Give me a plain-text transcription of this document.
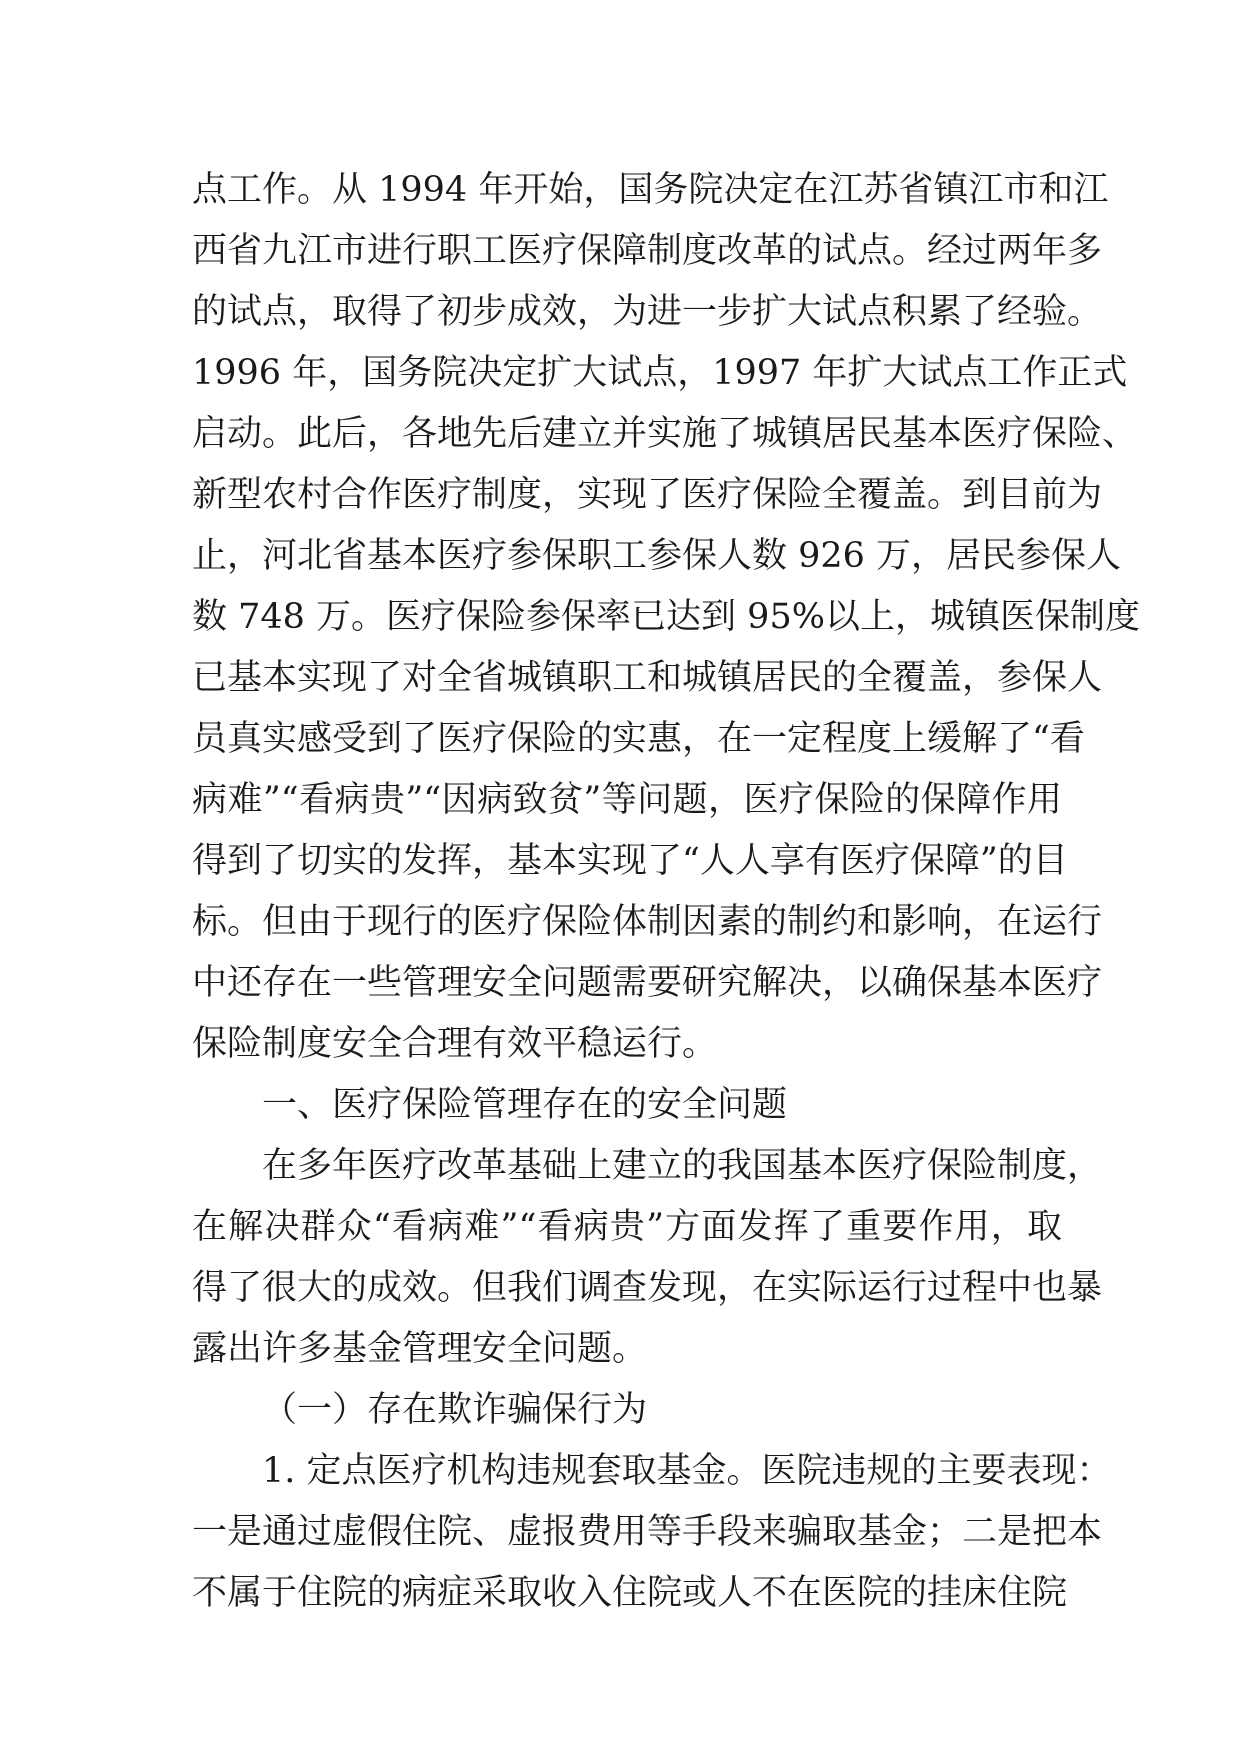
点工作。从 1994 年开始，国务院决定在江苏省镇江市和江
西省九江市进行职工医疗保障制度改革的试点。经过两年多
的试点，取得了初步成效，为进一步扩大试点积累了经验。
1996 年，国务院决定扩大试点，1997 年扩大试点工作正式
启动。此后，各地先后建立并实施了城镇居民基本医疗保险、
新型农村合作医疗制度，实现了医疗保险全覆盖。到目前为
止，河北省基本医疗参保职工参保人数 926 万，居民参保人
数 748 万。医疗保险参保率已达到 95%以上，城镇医保制度
已基本实现了对全省城镇职工和城镇居民的全覆盖，参保人
员真实感受到了医疗保险的实惠，在一定程度上缓解了“看
病难”“看病贵”“因病致贫”等问题，医疗保险的保障作用
得到了切实的发挥，基本实现了“人人享有医疗保障”的目
标。但由于现行的医疗保险体制因素的制约和影响，在运行
中还存在一些管理安全问题需要研究解决，以确保基本医疗
保险制度安全合理有效平稳运行。
一、医疗保险管理存在的安全问题
在多年医疗改革基础上建立的我国基本医疗保险制度，
在解决群众“看病难”“看病贵”方面发挥了重要作用，取
得了很大的成效。但我们调查发现，在实际运行过程中也暴
露出许多基金管理安全问题。
（一）存在欺诈骗保行为
1. 定点医疗机构违规套取基金。医院违规的主要表现：
一是通过虚假住院、虚报费用等手段来骗取基金；二是把本
不属于住院的病症采取收入住院或人不在医院的挂床住院
